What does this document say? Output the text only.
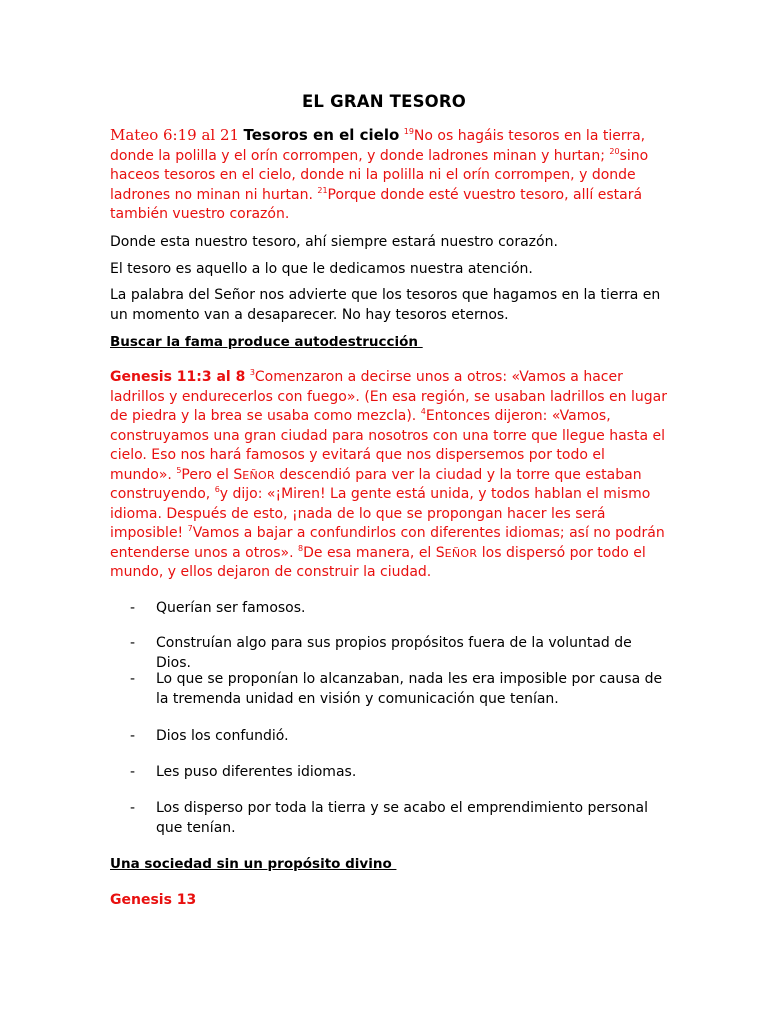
EL GRAN TESORO
Mateo 6:19 al 21 Tesoros en el cielo $^{19}$No os hagáis tesoros en la tierra, donde la polilla y el orín corrompen, y donde ladrones minan y hurtan; $^{20}$sino haceos tesoros en el cielo, donde ni la polilla ni el orín corrompen, y donde ladrones no minan ni hurtan. $^{21}$Porque donde esté vuestro tesoro, allí estará también vuestro corazón.
Donde esta nuestro tesoro, ahí siempre estará nuestro corazón.
El tesoro es aquello a lo que le dedicamos nuestra atención.
La palabra del Señor nos advierte que los tesoros que hagamos en la tierra en un momento van a desaparecer. No hay tesoros eternos.
Buscar la fama produce autodestrucción
Genesis 11:3 al 8 $^3$Comenzaron a decirse unos a otros: «Vamos a hacer ladrillos y endurecerlos con fuego». (En esa región, se usaban ladrillos en lugar de piedra y la brea se usaba como mezcla). $^4$Entonces dijeron: «Vamos, construyamos una gran ciudad para nosotros con una torre que llegue hasta el cielo. Eso nos hará famosos y evitará que nos dispersemos por todo el mundo». $^5$Pero el SEÑOR descendió para ver la ciudad y la torre que estaban construyendo, $^6$y dijo: «¡Miren! La gente está unida, y todos hablan el mismo idioma. Después de esto, ¡nada de lo que se propongan hacer les será imposible! $^7$Vamos a bajar a confundirlos con diferentes idiomas; así no podrán entenderse unos a otros». $^8$De esa manera, el SEÑOR los dispersó por todo el mundo, y ellos dejaron de construir la ciudad.
- Querían ser famosos.
- Construían algo para sus propios propósitos fuera de la voluntad de Dios.
- Lo que se proponían lo alcanzaban, nada les era imposible por causa de la tremenda unidad en visión y comunicación que tenían.
- Dios los confundió.
- Les puso diferentes idiomas.
- Los disperso por toda la tierra y se acabo el emprendimiento personal que tenían.
Una sociedad sin un propósito divino
Genesis 13
